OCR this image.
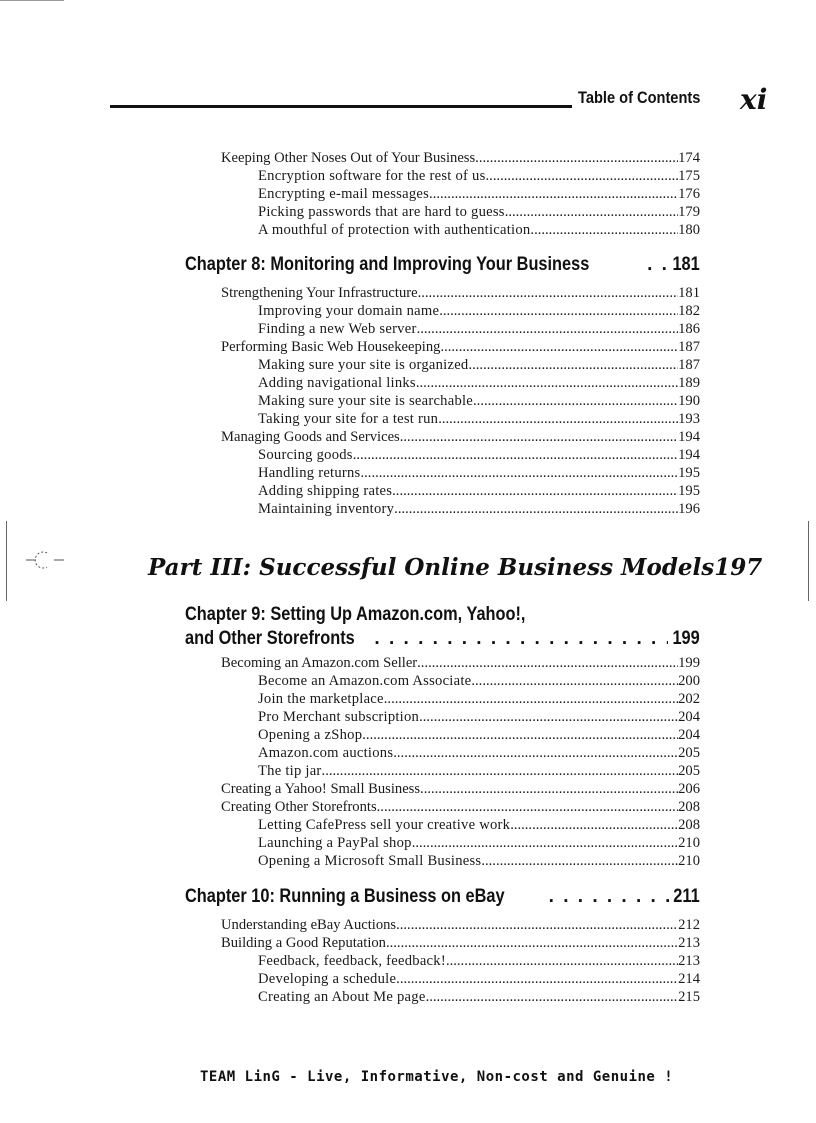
Table of Contents xi
Keeping Other Noses Out of Your Business .....	174
Encryption software for the rest of us .....	175
Encrypting e-mail messages .....	176
Picking passwords that are hard to guess .....	179
A mouthful of protection with authentication .....	180
Chapter 8: Monitoring and Improving Your Business . . .	181
Strengthening Your Infrastructure .....	181
Improving your domain name .....	182
Finding a new Web server .....	186
Performing Basic Web Housekeeping .....	187
Making sure your site is organized .....	187
Adding navigational links .....	189
Making sure your site is searchable .....	190
Taking your site for a test run .....	193
Managing Goods and Services .....	194
Sourcing goods .....	194
Handling returns .....	195
Adding shipping rates .....	195
Maintaining inventory .....	196
Part III: Successful Online Business Models 197
Chapter 9: Setting Up Amazon.com, Yahoo!,
and Other Storefronts . . .	199
Becoming an Amazon.com Seller .....	199
Become an Amazon.com Associate .....	200
Join the marketplace .....	202
Pro Merchant subscription .....	204
Opening a zShop .....	204
Amazon.com auctions .....	205
The tip jar .....	205
Creating a Yahoo! Small Business .....	206
Creating Other Storefronts .....	208
Letting CafePress sell your creative work .....	208
Launching a PayPal shop .....	210
Opening a Microsoft Small Business .....	210
Chapter 10: Running a Business on eBay . . .	211
Understanding eBay Auctions .....	212
Building a Good Reputation .....	213
Feedback, feedback, feedback! .....	213
Developing a schedule .....	214
Creating an About Me page .....	215
TEAM LinG - Live, Informative, Non-cost and Genuine !
